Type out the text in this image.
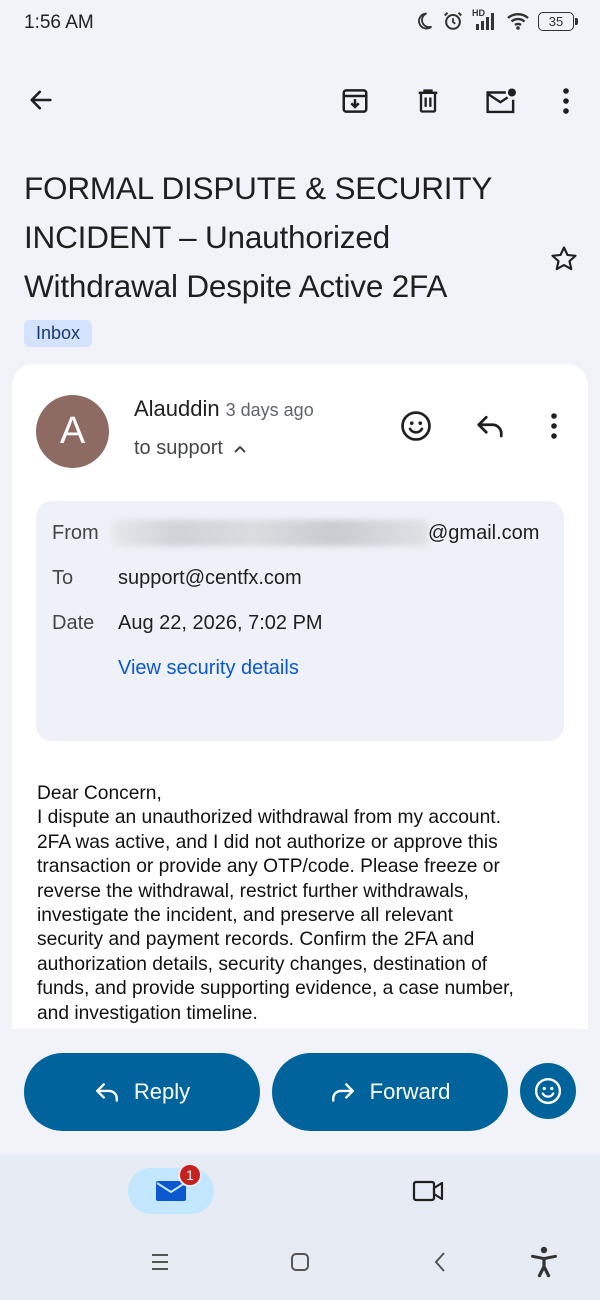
1:56 AM	HD
35
FORMAL DISPUTE & SECURITY INCIDENT – Unauthorized Withdrawal Despite Active 2FA
Inbox
A
Alauddin 3 days ago
to support
From	@gmail.com
To support@centfx.com
Date Aug 22, 2026, 7:02 PM
View security details
Dear Concern,
I dispute an unauthorized withdrawal from my account.
2FA was active, and I did not authorize or approve this
transaction or provide any OTP/code. Please freeze or
reverse the withdrawal, restrict further withdrawals,
investigate the incident, and preserve all relevant
security and payment records. Confirm the 2FA and
authorization details, security changes, destination of
funds, and provide supporting evidence, a case number,
and investigation timeline.
Reply	Forward
1
